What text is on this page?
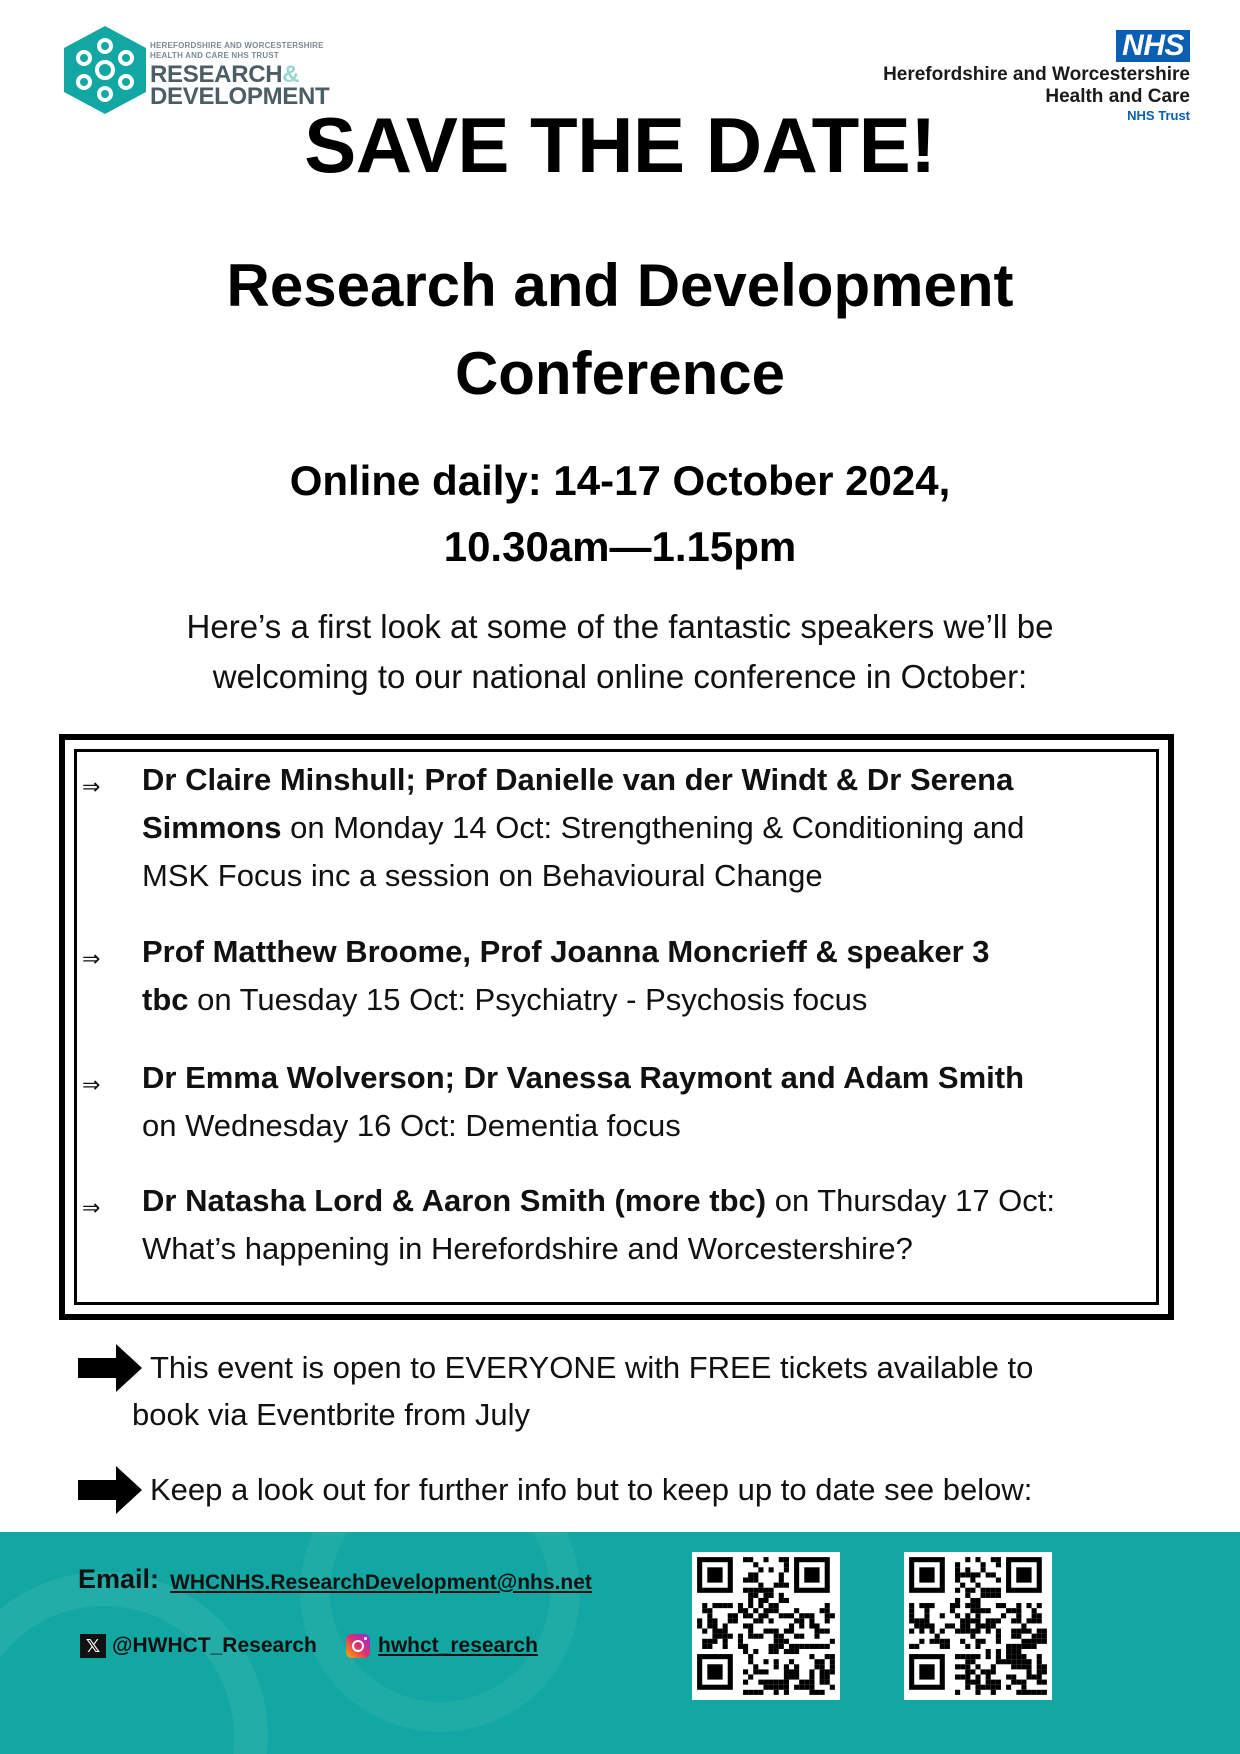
HEREFORDSHIRE AND WORCESTERSHIRE
HEALTH AND CARE NHS TRUST
RESEARCH&
DEVELOPMENT
NHS
Herefordshire and Worcestershire
Health and Care
NHS Trust
SAVE THE DATE!
Research and Development
Conference
Online daily: 14-17 October 2024,
10.30am—1.15pm
Here’s a first look at some of the fantastic speakers we’ll be
welcoming to our national online conference in October:
⇒ Dr Claire Minshull; Prof Danielle van der Windt & Dr Serena
Simmons on Monday 14 Oct: Strengthening & Conditioning and
MSK Focus inc a session on Behavioural Change
⇒ Prof Matthew Broome, Prof Joanna Moncrieff & speaker 3
tbc on Tuesday 15 Oct: Psychiatry - Psychosis focus
⇒ Dr Emma Wolverson; Dr Vanessa Raymont and Adam Smith
on Wednesday 16 Oct: Dementia focus
⇒ Dr Natasha Lord & Aaron Smith (more tbc) on Thursday 17 Oct:
What’s happening in Herefordshire and Worcestershire?
This event is open to EVERYONE with FREE tickets available to
book via Eventbrite from July
Keep a look out for further info but to keep up to date see below:
Email: WHCNHS.ResearchDevelopment@nhs.net
𝕏 @HWHCT_Research	hwhct_research
